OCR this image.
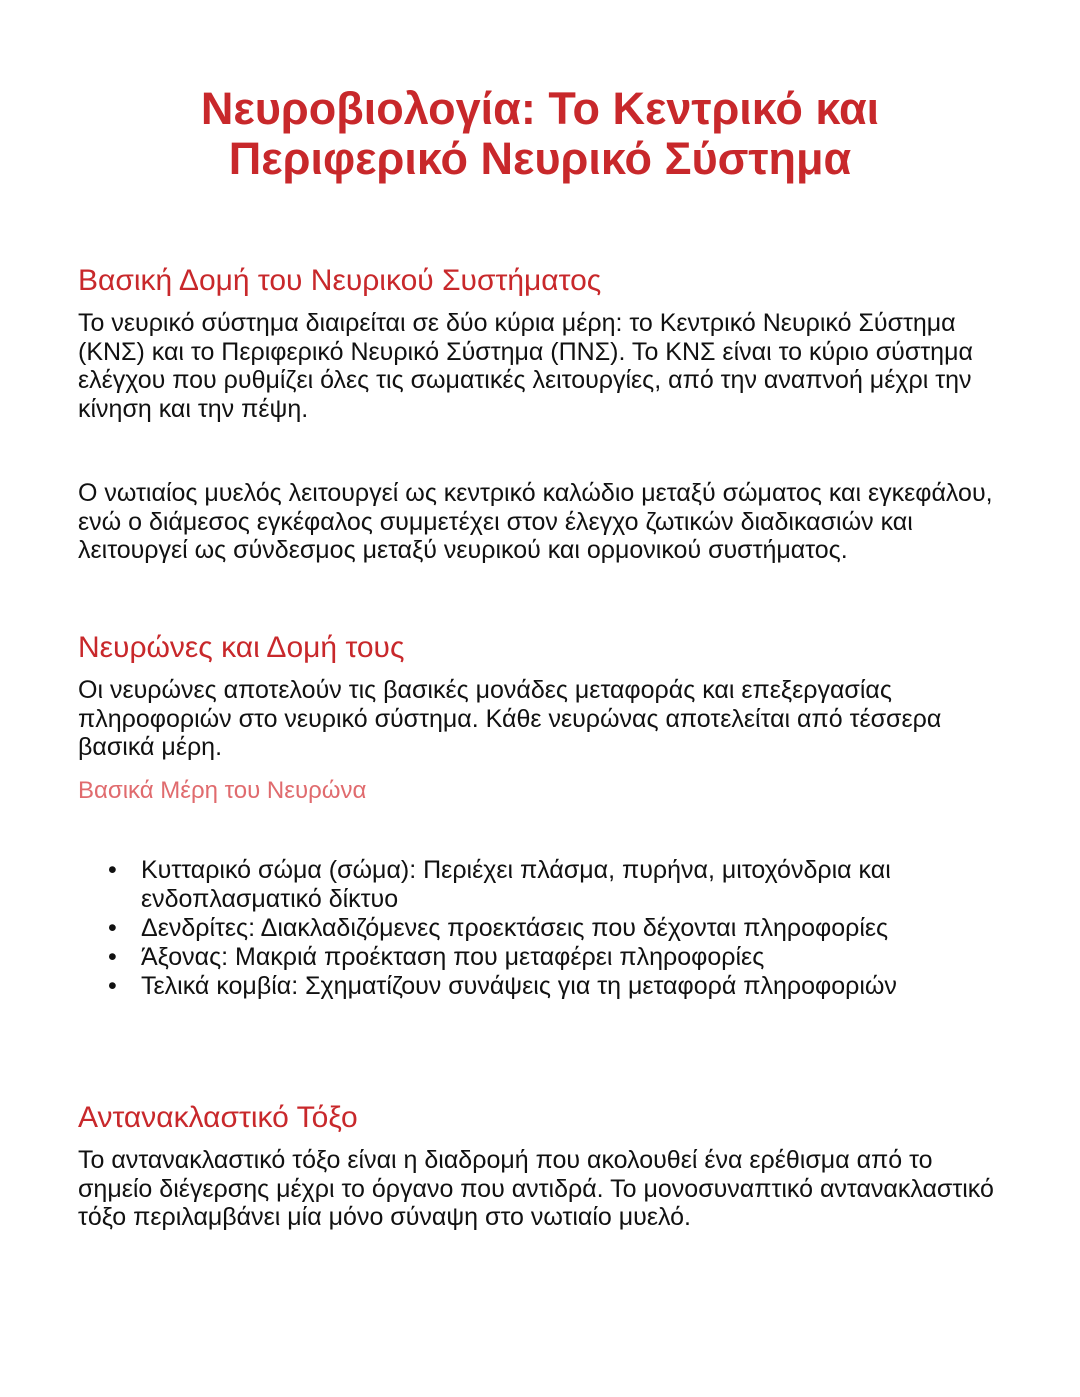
Νευροβιολογία: Το Κεντρικό και Περιφερικό Νευρικό Σύστημα
Βασική Δομή του Νευρικού Συστήματος

Το νευρικό σύστημα διαιρείται σε δύο κύρια μέρη: το Κεντρικό Νευρικό Σύστημα (ΚΝΣ) και το Περιφερικό Νευρικό Σύστημα (ΠΝΣ). Το ΚΝΣ είναι το κύριο σύστημα ελέγχου που ρυθμίζει όλες τις σωματικές λειτουργίες, από την αναπνοή μέχρι την κίνηση και την πέψη.

Ο νωτιαίος μυελός λειτουργεί ως κεντρικό καλώδιο μεταξύ σώματος και εγκεφάλου, ενώ ο διάμεσος εγκέφαλος συμμετέχει στον έλεγχο ζωτικών διαδικασιών και λειτουργεί ως σύνδεσμος μεταξύ νευρικού και ορμονικού συστήματος.

Νευρώνες και Δομή τους

Οι νευρώνες αποτελούν τις βασικές μονάδες μεταφοράς και επεξεργασίας πληροφοριών στο νευρικό σύστημα. Κάθε νευρώνας αποτελείται από τέσσερα βασικά μέρη.

Βασικά Μέρη του Νευρώνα
• Κυτταρικό σώμα (σώμα): Περιέχει πλάσμα, πυρήνα, μιτοχόνδρια και ενδοπλασματικό δίκτυο
• Δενδρίτες: Διακλαδιζόμενες προεκτάσεις που δέχονται πληροφορίες
• Άξονας: Μακριά προέκταση που μεταφέρει πληροφορίες
• Τελικά κομβία: Σχηματίζουν συνάψεις για τη μεταφορά πληροφοριών
Αντανακλαστικό Τόξο

Το αντανακλαστικό τόξο είναι η διαδρομή που ακολουθεί ένα ερέθισμα από το σημείο διέγερσης μέχρι το όργανο που αντιδρά. Το μονοσυναπτικό αντανακλαστικό τόξο περιλαμβάνει μία μόνο σύναψη στο νωτιαίο μυελό.
